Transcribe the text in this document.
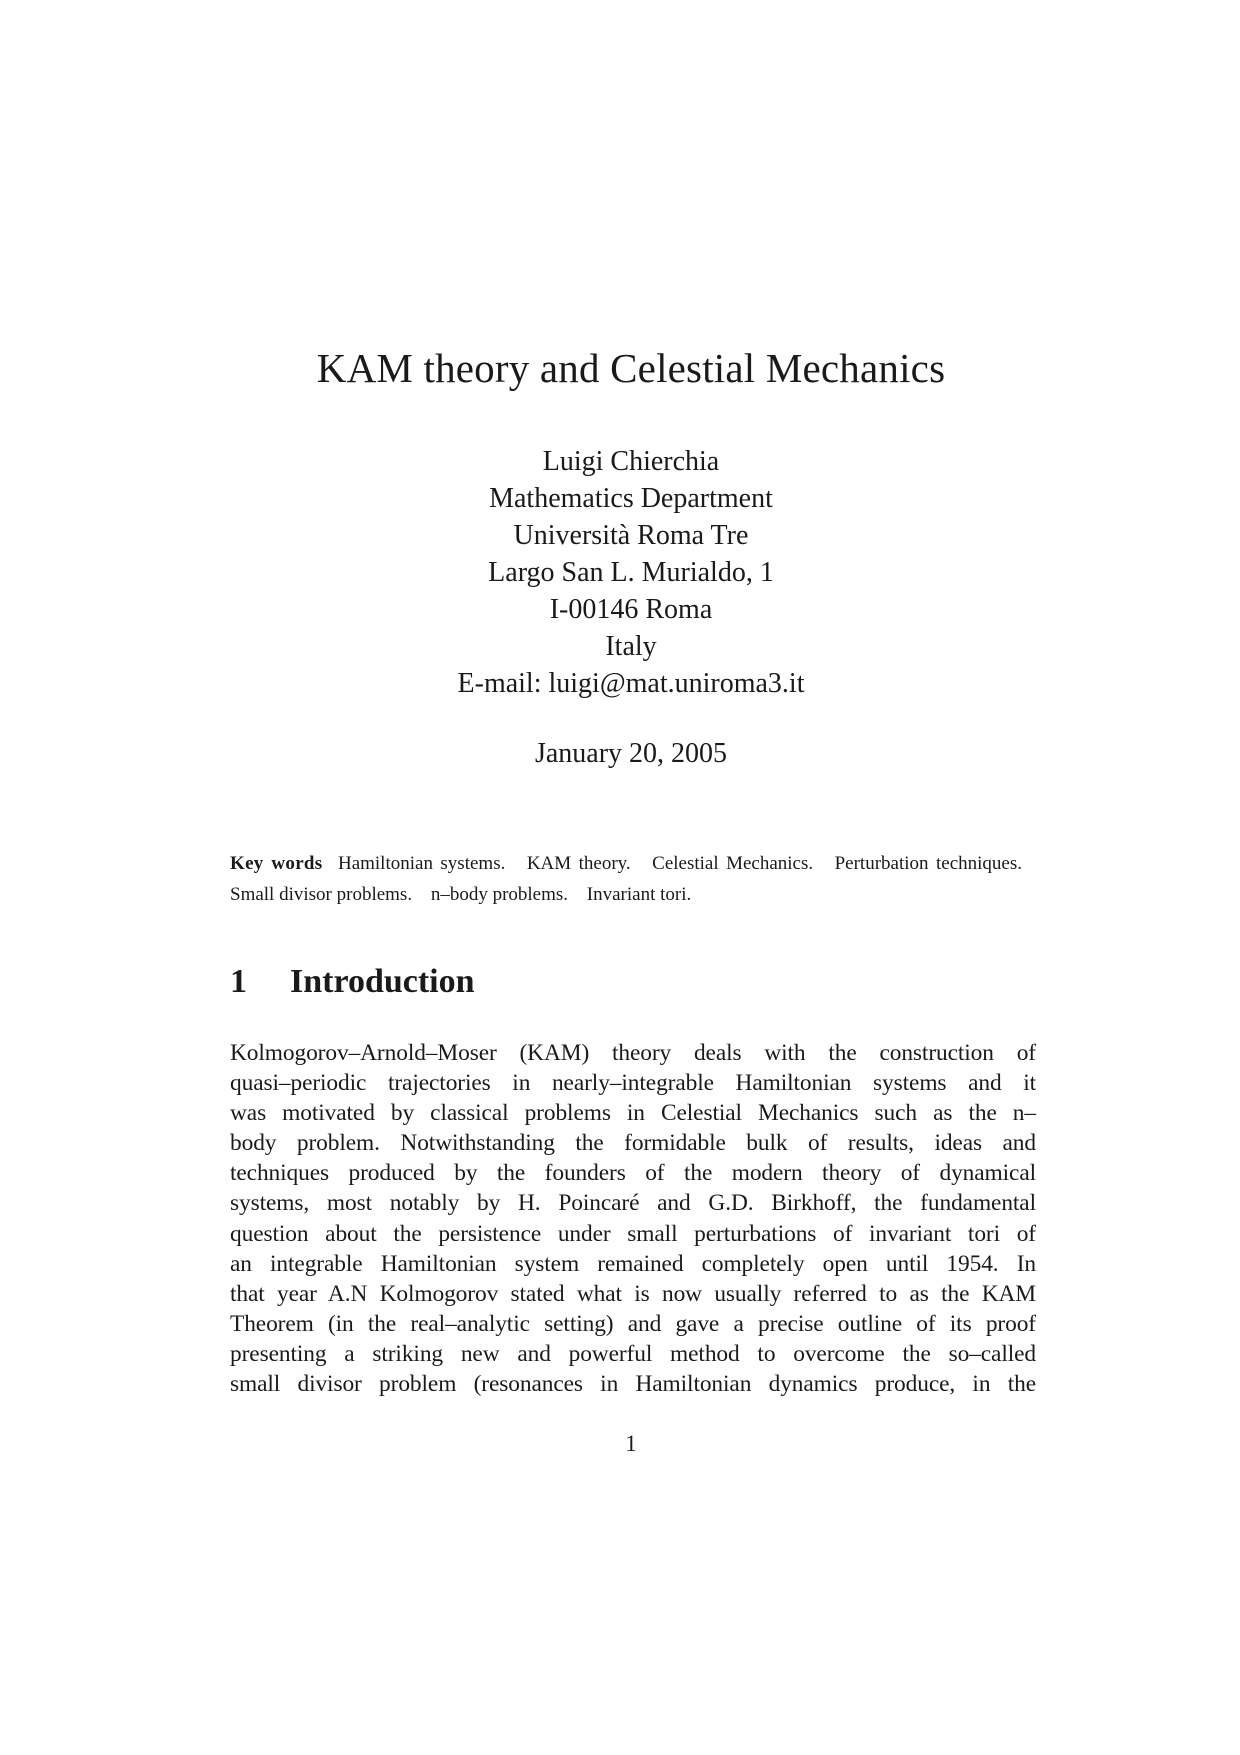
KAM theory and Celestial Mechanics
Luigi Chierchia
Mathematics Department
Università Roma Tre
Largo San L. Murialdo, 1
I-00146 Roma
Italy
E-mail: luigi@mat.uniroma3.it
January 20, 2005
Key words Hamiltonian systems. KAM theory. Celestial Mechanics. Perturbation techniques. Small divisor problems. n–body problems. Invariant tori.
1 Introduction
Kolmogorov–Arnold–Moser (KAM) theory deals with the construction of
quasi–periodic trajectories in nearly–integrable Hamiltonian systems and it
was motivated by classical problems in Celestial Mechanics such as the n–
body problem. Notwithstanding the formidable bulk of results, ideas and
techniques produced by the founders of the modern theory of dynamical
systems, most notably by H. Poincaré and G.D. Birkhoff, the fundamental
question about the persistence under small perturbations of invariant tori of
an integrable Hamiltonian system remained completely open until 1954. In
that year A.N Kolmogorov stated what is now usually referred to as the KAM
Theorem (in the real–analytic setting) and gave a precise outline of its proof
presenting a striking new and powerful method to overcome the so–called
small divisor problem (resonances in Hamiltonian dynamics produce, in the
1
